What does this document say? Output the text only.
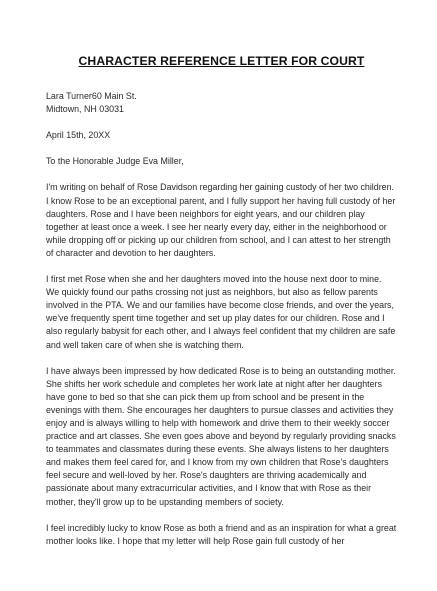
CHARACTER REFERENCE LETTER FOR COURT
Lara Turner60 Main St.
Midtown, NH 03031
April 15th, 20XX
To the Honorable Judge Eva Miller,

I'm writing on behalf of Rose Davidson regarding her gaining custody of her two children. I know Rose to be an exceptional parent, and I fully support her having full custody of her daughters. Rose and I have been neighbors for eight years, and our children play together at least once a week. I see her nearly every day, either in the neighborhood or while dropping off or picking up our children from school, and I can attest to her strength of character and devotion to her daughters.

I first met Rose when she and her daughters moved into the house next door to mine. We quickly found our paths crossing not just as neighbors, but also as fellow parents involved in the PTA. We and our families have become close friends, and over the years, we've frequently spent time together and set up play dates for our children. Rose and I also regularly babysit for each other, and I always feel confident that my children are safe and well taken care of when she is watching them.

I have always been impressed by how dedicated Rose is to being an outstanding mother. She shifts her work schedule and completes her work late at night after her daughters have gone to bed so that she can pick them up from school and be present in the evenings with them. She encourages her daughters to pursue classes and activities they enjoy and is always willing to help with homework and drive them to their weekly soccer practice and art classes. She even goes above and beyond by regularly providing snacks to teammates and classmates during these events. She always listens to her daughters and makes them feel cared for, and I know from my own children that Rose's daughters feel secure and well-loved by her. Rose's daughters are thriving academically and passionate about many extracurricular activities, and I know that with Rose as their mother, they'll grow up to be upstanding members of society.

I feel incredibly lucky to know Rose as both a friend and as an inspiration for what a great mother looks like. I hope that my letter will help Rose gain full custody of her
